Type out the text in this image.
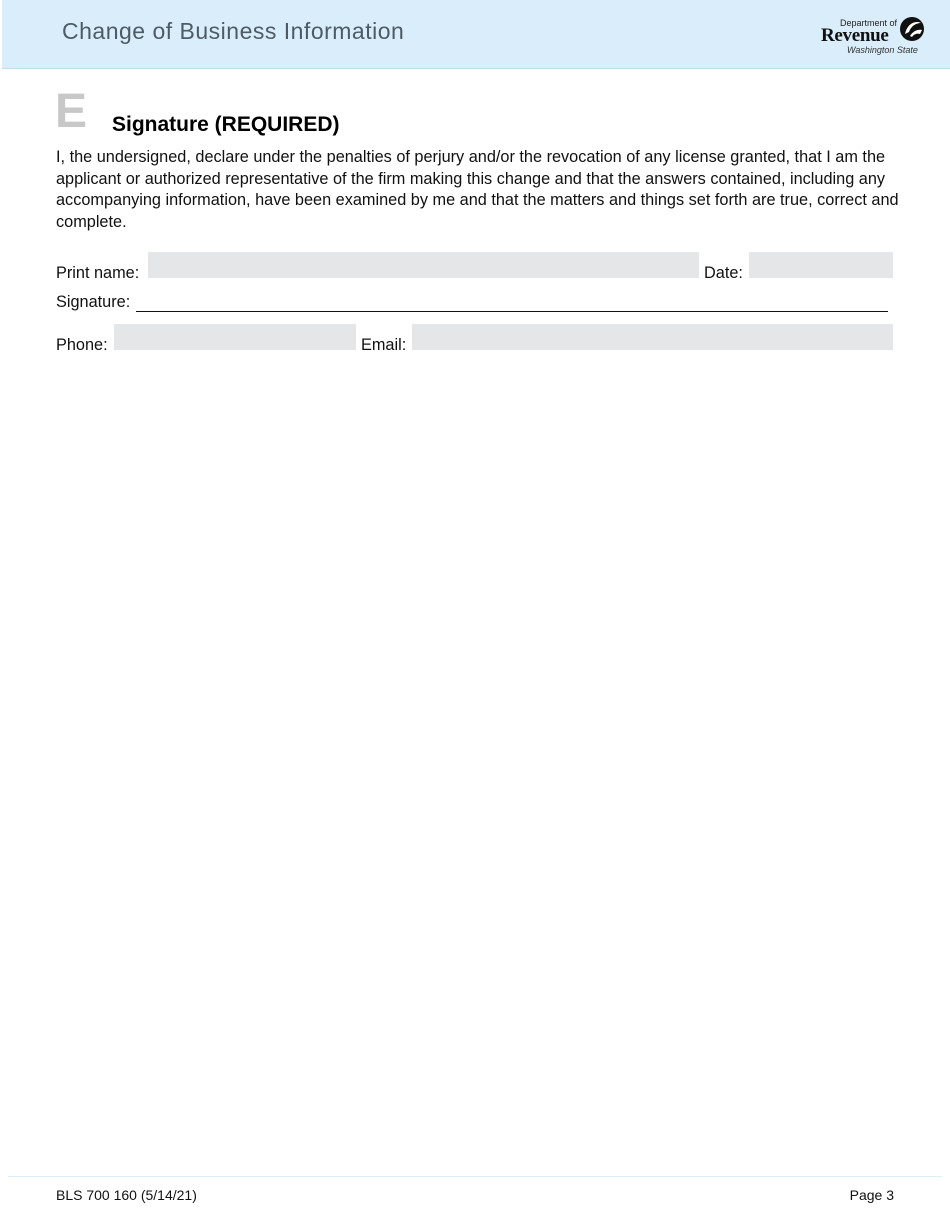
Change of Business Information	Department of
Revenue
Washington State
E Signature (REQUIRED)
I, the undersigned, declare under the penalties of perjury and/or the revocation of any license granted, that I am the applicant or authorized representative of the firm making this change and that the answers contained, including any accompanying information, have been examined by me and that the matters and things set forth are true, correct and complete.
Print name:	Date:
Signature:
Phone:	Email:
BLS 700 160 (5/14/21)	Page 3
